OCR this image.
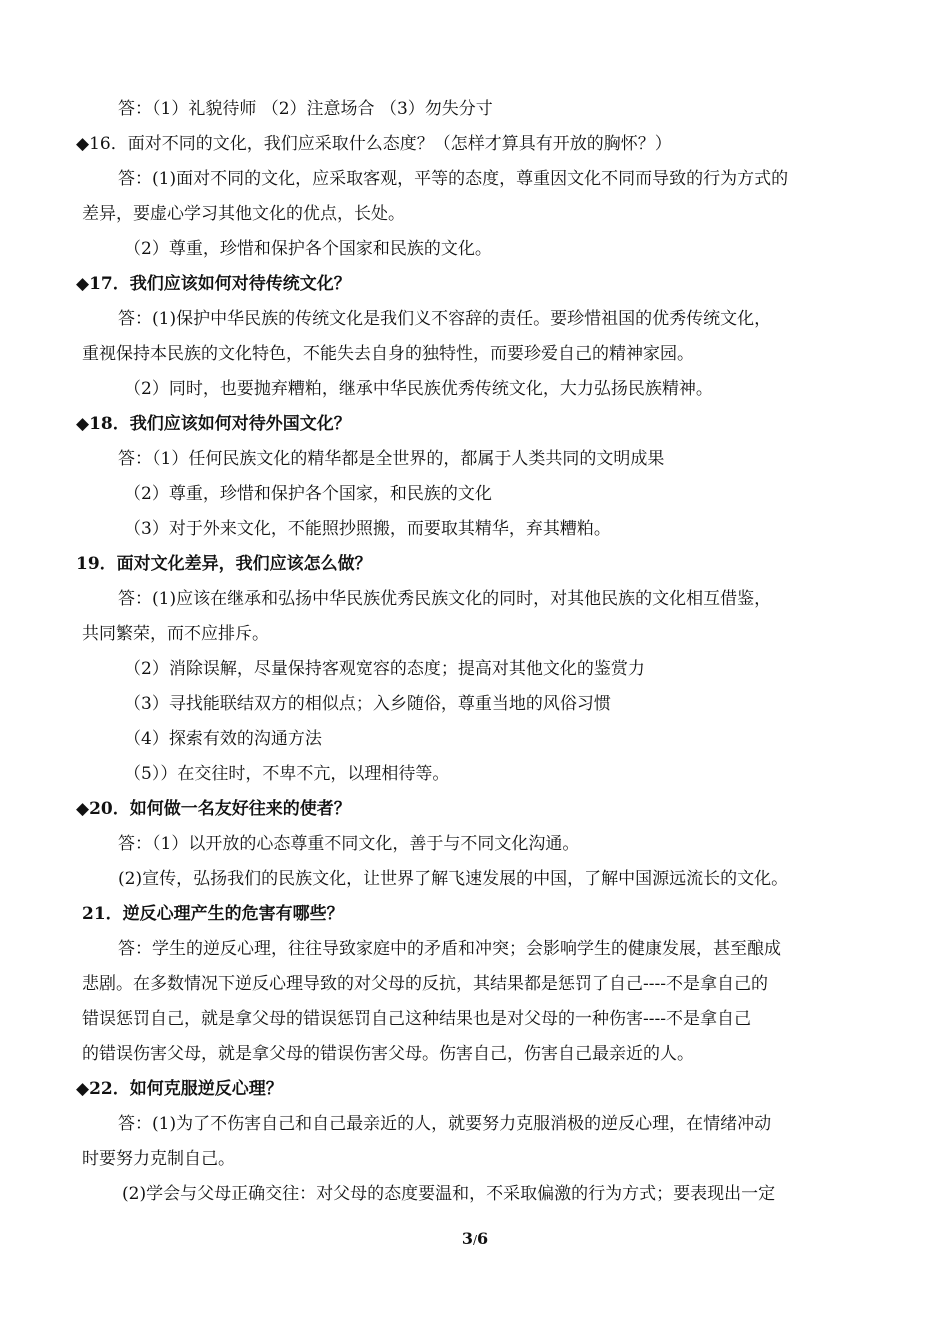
答：（1）礼貌待师 （2）注意场合 （3）勿失分寸
◆16．面对不同的文化，我们应采取什么态度？（怎样才算具有开放的胸怀？）
答：(1)面对不同的文化，应采取客观，平等的态度，尊重因文化不同而导致的行为方式的
差异，要虚心学习其他文化的优点，长处。
（2）尊重，珍惜和保护各个国家和民族的文化。
◆17．我们应该如何对待传统文化？
答：(1)保护中华民族的传统文化是我们义不容辞的责任。要珍惜祖国的优秀传统文化，
重视保持本民族的文化特色，不能失去自身的独特性，而要珍爱自己的精神家园。
（2）同时，也要抛弃糟粕，继承中华民族优秀传统文化，大力弘扬民族精神。
◆18．我们应该如何对待外国文化？
答：（1）任何民族文化的精华都是全世界的，都属于人类共同的文明成果
（2）尊重，珍惜和保护各个国家，和民族的文化
（3）对于外来文化，不能照抄照搬，而要取其精华，弃其糟粕。
19．面对文化差异，我们应该怎么做？
答：(1)应该在继承和弘扬中华民族优秀民族文化的同时，对其他民族的文化相互借鉴，
共同繁荣，而不应排斥。
（2）消除误解，尽量保持客观宽容的态度；提高对其他文化的鉴赏力
（3）寻找能联结双方的相似点；入乡随俗，尊重当地的风俗习惯
（4）探索有效的沟通方法
（5））在交往时，不卑不亢，以理相待等。
◆20．如何做一名友好往来的使者？
答：（1）以开放的心态尊重不同文化，善于与不同文化沟通。
(2)宣传，弘扬我们的民族文化，让世界了解飞速发展的中国，了解中国源远流长的文化。
21．逆反心理产生的危害有哪些？
答：学生的逆反心理，往往导致家庭中的矛盾和冲突；会影响学生的健康发展，甚至酿成
悲剧。在多数情况下逆反心理导致的对父母的反抗，其结果都是惩罚了自己----不是拿自己的
错误惩罚自己，就是拿父母的错误惩罚自己这种结果也是对父母的一种伤害----不是拿自己
的错误伤害父母，就是拿父母的错误伤害父母。伤害自己，伤害自己最亲近的人。
◆22．如何克服逆反心理？
答：(1)为了不伤害自己和自己最亲近的人，就要努力克服消极的逆反心理，在情绪冲动
时要努力克制自己。
(2)学会与父母正确交往：对父母的态度要温和，不采取偏激的行为方式；要表现出一定
3/6
